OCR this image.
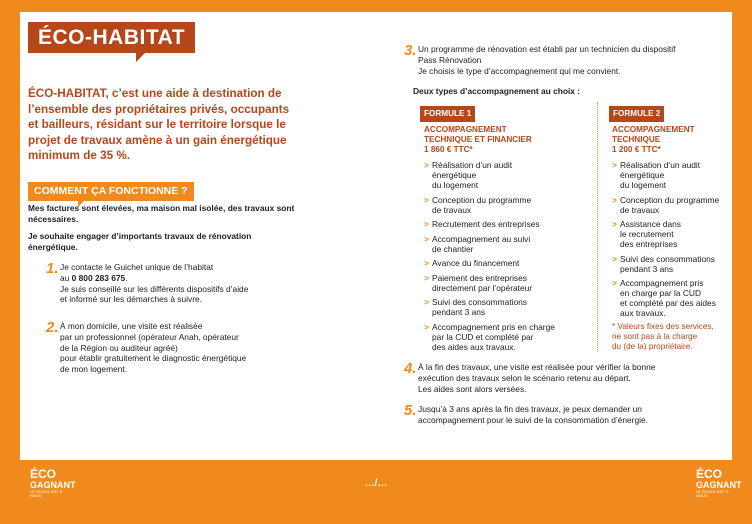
ÉCO-HABITAT
ÉCO-HABITAT, c’est une aide à destination de l’ensemble des propriétaires privés, occupants et bailleurs, résidant sur le territoire lorsque le projet de travaux amène à un gain énergétique minimum de 35 %.
COMMENT ÇA FONCTIONNE ?
Mes factures sont élevées, ma maison mal isolée, des travaux sont nécessaires.
Je souhaite engager d’importants travaux de rénovation énergétique.
1. Je contacte le Guichet unique de l’habitat
au 0 800 283 675.
Je suis conseillé sur les différents dispositifs d’aide
et informé sur les démarches à suivre.
2. À mon domicile, une visite est réalisée
par un professionnel (opérateur Anah, opérateur
de la Région ou auditeur agréé)
pour établir gratuitement le diagnostic énergétique
de mon logement.
3. Un programme de rénovation est établi par un technicien du dispositif
Pass Rénovation
Je choisis le type d’accompagnement qui me convient.
Deux types d’accompagnement au choix :
FORMULE 1
ACCOMPAGNEMENT
TECHNIQUE ET FINANCIER
1 860 € TTC*
> Réalisation d’un audit
énergétique
du logement
> Conception du programme
de travaux
> Recrutement des entreprises
> Accompagnement au suivi
de chantier
> Avance du financement
> Paiement des entreprises
directement par l’opérateur
> Suivi des consommations
pendant 3 ans
> Accompagnement pris en charge
par la CUD et complété par
des aides aux travaux.
FORMULE 2
ACCOMPAGNEMENT
TECHNIQUE
1 200 € TTC*
> Réalisation d’un audit
énergétique
du logement
> Conception du programme
de travaux
> Assistance dans
le recrutement
des entreprises
> Suivi des consommations
pendant 3 ans
> Accompagnement pris
en charge par la CUD
et complété par des aides
aux travaux.
* Valeurs fixes des services,
ne sont pas à la charge
du (de la) propriétaire.
4. À la fin des travaux, une visite est réalisée pour vérifier la bonne
exécution des travaux selon le scénario retenu au départ.
Les aides sont alors versées.
5. Jusqu’à 3 ans après la fin des travaux, je peux demander un
accompagnement pour le suivi de la consommation d’énergie.
…/…
ÉCO
GAGNANT
LE SOLEIL EST À NOUS
ÉCO
GAGNANT
LE SOLEIL EST À NOUS
